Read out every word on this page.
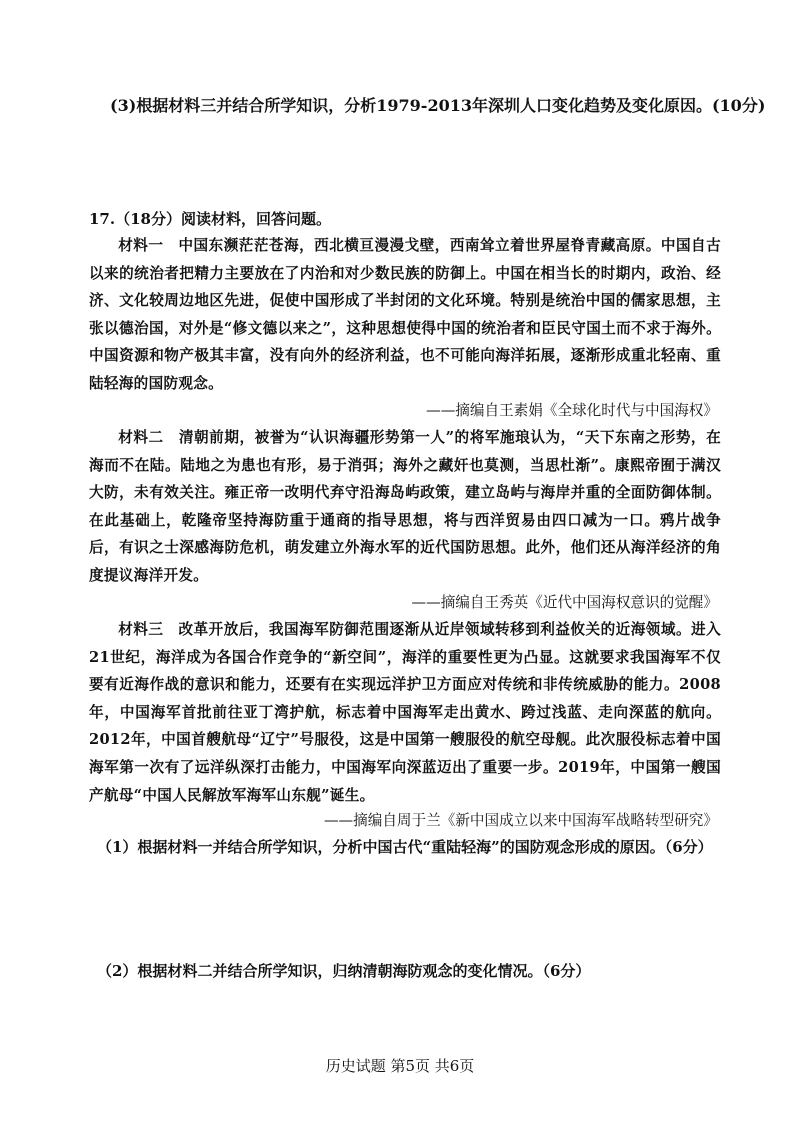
(3)根据材料三并结合所学知识，分析1979-2013年深圳人口变化趋势及变化原因。(10分)
17.（18分）阅读材料，回答问题。
材料一　中国东濒茫茫苍海，西北横亘漫漫戈壁，西南耸立着世界屋脊青藏高原。中国自古以来的统治者把精力主要放在了内治和对少数民族的防御上。中国在相当长的时期内，政治、经济、文化较周边地区先进，促使中国形成了半封闭的文化环境。特别是统治中国的儒家思想，主张以德治国，对外是“修文德以来之”，这种思想使得中国的统治者和臣民守国土而不求于海外。中国资源和物产极其丰富，没有向外的经济利益，也不可能向海洋拓展，逐渐形成重北轻南、重陆轻海的国防观念。
——摘编自王素娟《全球化时代与中国海权》
材料二　清朝前期，被誉为“认识海疆形势第一人”的将军施琅认为，“天下东南之形势，在海而不在陆。陆地之为患也有形，易于消弭；海外之藏奸也莫测，当思杜渐”。康熙帝囿于满汉大防，未有效关注。雍正帝一改明代弃守沿海岛屿政策，建立岛屿与海岸并重的全面防御体制。在此基础上，乾隆帝坚持海防重于通商的指导思想，将与西洋贸易由四口减为一口。鸦片战争后，有识之士深感海防危机，萌发建立外海水军的近代国防思想。此外，他们还从海洋经济的角度提议海洋开发。
——摘编自王秀英《近代中国海权意识的觉醒》
材料三　改革开放后，我国海军防御范围逐渐从近岸领域转移到利益攸关的近海领域。进入21世纪，海洋成为各国合作竞争的“新空间”，海洋的重要性更为凸显。这就要求我国海军不仅要有近海作战的意识和能力，还要有在实现远洋护卫方面应对传统和非传统威胁的能力。2008年，中国海军首批前往亚丁湾护航，标志着中国海军走出黄水、跨过浅蓝、走向深蓝的航向。2012年，中国首艘航母“辽宁”号服役，这是中国第一艘服役的航空母舰。此次服役标志着中国海军第一次有了远洋纵深打击能力，中国海军向深蓝迈出了重要一步。2019年，中国第一艘国产航母“中国人民解放军海军山东舰”诞生。
——摘编自周于兰《新中国成立以来中国海军战略转型研究》
（1）根据材料一并结合所学知识，分析中国古代“重陆轻海”的国防观念形成的原因。（6分）
（2）根据材料二并结合所学知识，归纳清朝海防观念的变化情况。（6分）
历史试题 第5页 共6页
